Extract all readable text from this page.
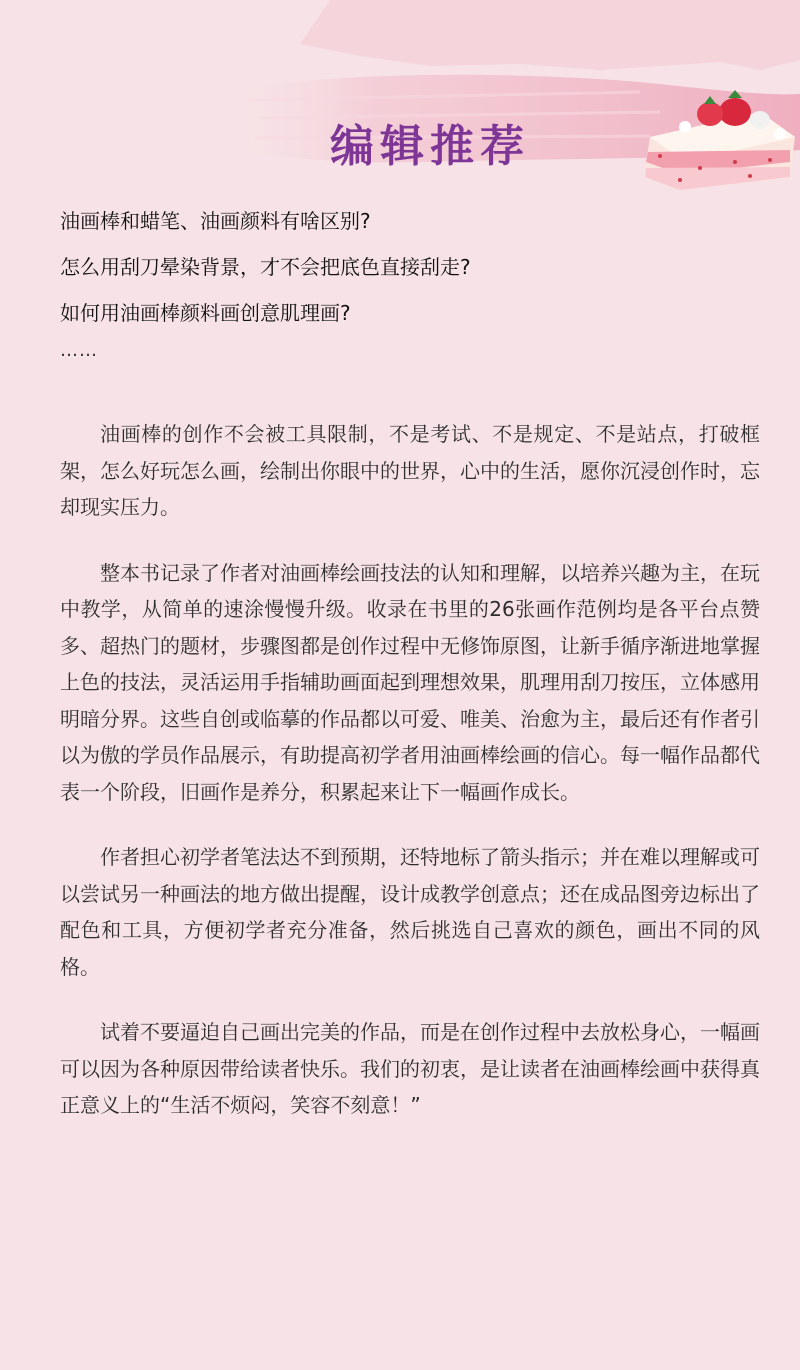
编辑推荐
油画棒和蜡笔、油画颜料有啥区别?
怎么用刮刀晕染背景，才不会把底色直接刮走?
如何用油画棒颜料画创意肌理画?
……

油画棒的创作不会被工具限制，不是考试、不是规定、不是站点，打破框架，怎么好玩怎么画，绘制出你眼中的世界，心中的生活，愿你沉浸创作时，忘却现实压力。

整本书记录了作者对油画棒绘画技法的认知和理解，以培养兴趣为主，在玩中教学，从简单的速涂慢慢升级。收录在书里的26张画作范例均是各平台点赞多、超热门的题材，步骤图都是创作过程中无修饰原图，让新手循序渐进地掌握上色的技法，灵活运用手指辅助画面起到理想效果，肌理用刮刀按压，立体感用明暗分界。这些自创或临摹的作品都以可爱、唯美、治愈为主，最后还有作者引以为傲的学员作品展示，有助提高初学者用油画棒绘画的信心。每一幅作品都代表一个阶段，旧画作是养分，积累起来让下一幅画作成长。

作者担心初学者笔法达不到预期，还特地标了箭头指示；并在难以理解或可以尝试另一种画法的地方做出提醒，设计成教学创意点；还在成品图旁边标出了配色和工具，方便初学者充分准备，然后挑选自己喜欢的颜色，画出不同的风格。

试着不要逼迫自己画出完美的作品，而是在创作过程中去放松身心，一幅画可以因为各种原因带给读者快乐。我们的初衷，是让读者在油画棒绘画中获得真正意义上的“生活不烦闷，笑容不刻意！”
